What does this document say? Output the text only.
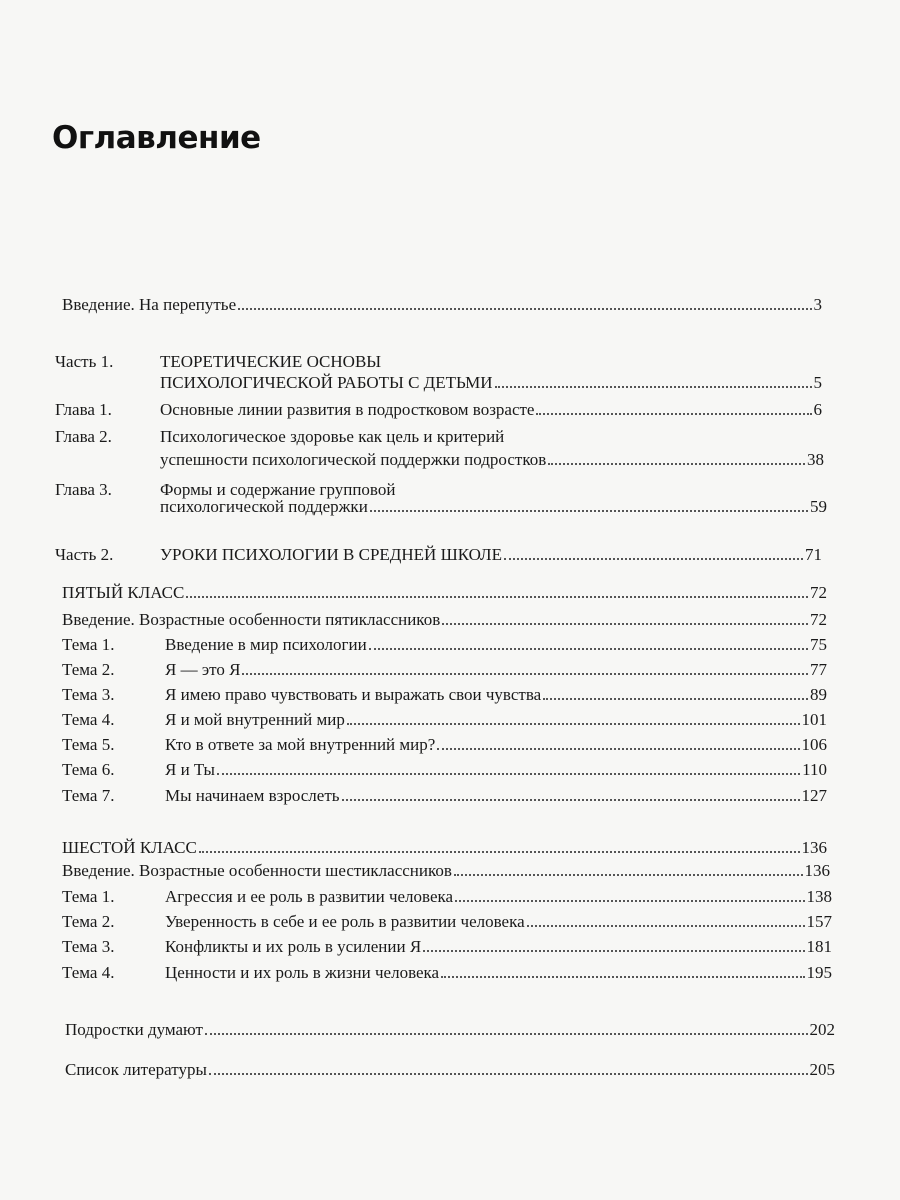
Оглавление
Введение. На перепутье	3
Часть 1.	ТЕОРЕТИЧЕСКИЕ ОСНОВЫ
ПСИХОЛОГИЧЕСКОЙ РАБОТЫ С ДЕТЬМИ	5
Глава 1.	Основные линии развития в подростковом возрасте	6
Глава 2.	Психологическое здоровье как цель и критерий
успешности психологической поддержки подростков	38
Глава 3.	Формы и содержание групповой
психологической поддержки	59
Часть 2.	УРОКИ ПСИХОЛОГИИ В СРЕДНЕЙ ШКОЛЕ	71
ПЯТЫЙ КЛАСС	72
Введение. Возрастные особенности пятиклассников	72
Тема 1.	Введение в мир психологии	75
Тема 2.	Я — это Я	77
Тема 3.	Я имею право чувствовать и выражать свои чувства	89
Тема 4.	Я и мой внутренний мир	101
Тема 5.	Кто в ответе за мой внутренний мир?	106
Тема 6.	Я и Ты	110
Тема 7.	Мы начинаем взрослеть	127
ШЕСТОЙ КЛАСС	136
Введение. Возрастные особенности шестиклассников	136
Тема 1.	Агрессия и ее роль в развитии человека	138
Тема 2.	Уверенность в себе и ее роль в развитии человека	157
Тема 3.	Конфликты и их роль в усилении Я	181
Тема 4.	Ценности и их роль в жизни человека	195
Подростки думают	202
Список литературы	205
